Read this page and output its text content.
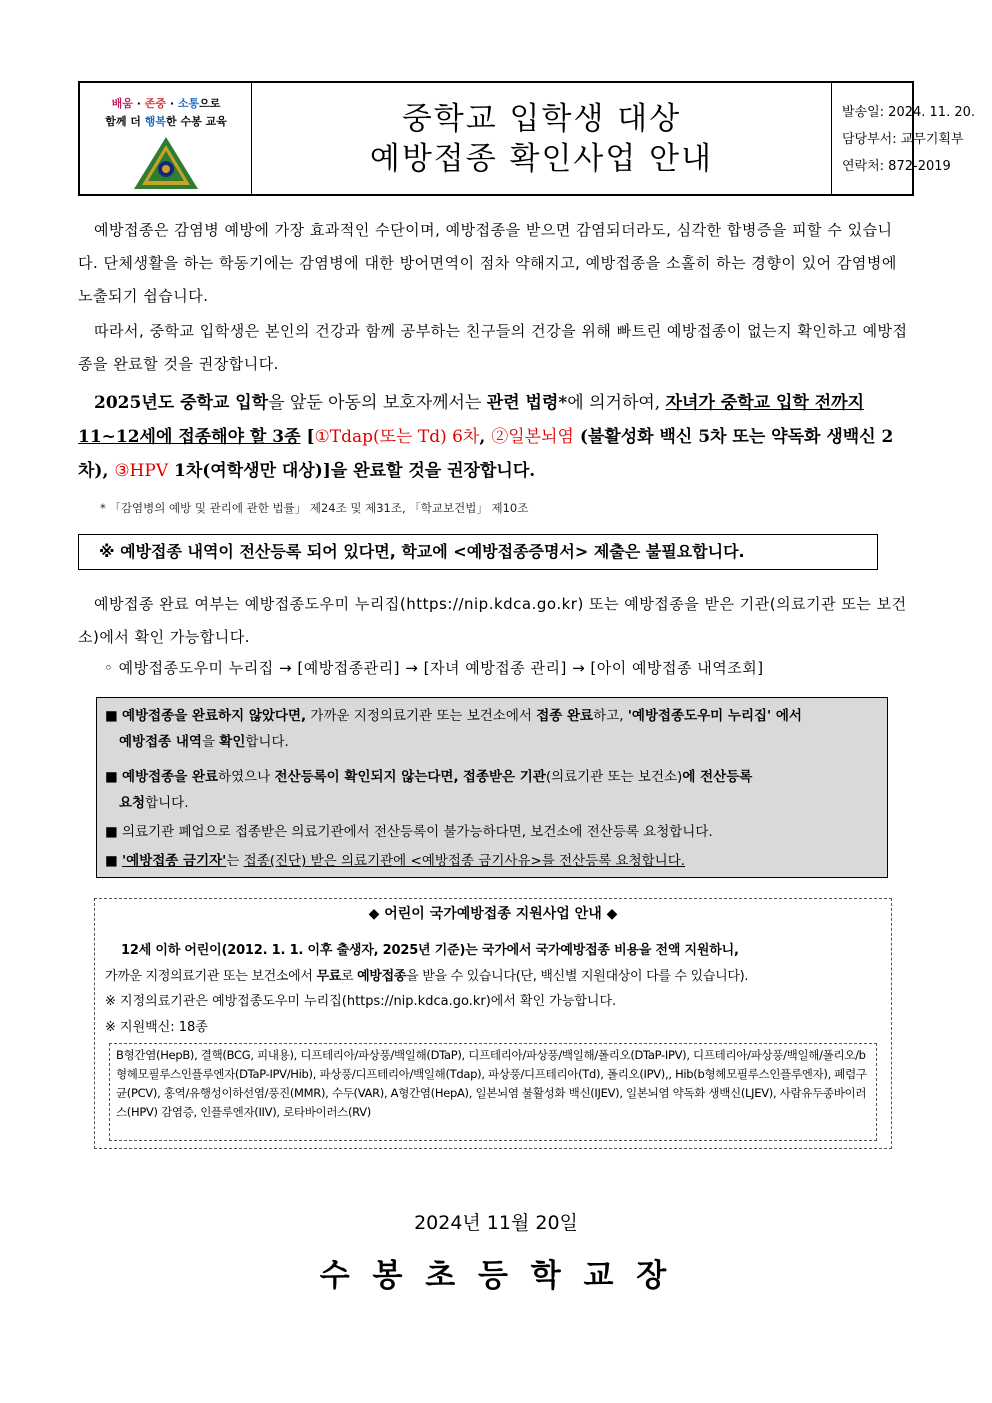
배움 · 존중 · 소통으로
함께 더 행복한 수봉 교육	중학교 입학생 대상
예방접종 확인사업 안내
발송일: 2024. 11. 20.
담당부서: 교무기획부
연락처: 872-2019
예방접종은 감염병 예방에 가장 효과적인 수단이며, 예방접종을 받으면 감염되더라도, 심각한 합병증을 피할 수 있습니다. 단체생활을 하는 학동기에는 감염병에 대한 방어면역이 점차 약해지고, 예방접종을 소홀히 하는 경향이 있어 감염병에 노출되기 쉽습니다.
따라서, 중학교 입학생은 본인의 건강과 함께 공부하는 친구들의 건강을 위해 빠트린 예방접종이 없는지 확인하고 예방접종을 완료할 것을 권장합니다.
2025년도 중학교 입학을 앞둔 아동의 보호자께서는 관련 법령*에 의거하여, 자녀가 중학교 입학 전까지 11~12세에 접종해야 할 3종 [①Tdap(또는 Td) 6차, ②일본뇌염 (불활성화 백신 5차 또는 약독화 생백신 2차), ③HPV 1차(여학생만 대상)]을 완료할 것을 권장합니다.
* 「감염병의 예방 및 관리에 관한 법률」 제24조 및 제31조, 「학교보건법」 제10조
※ 예방접종 내역이 전산등록 되어 있다면, 학교에 <예방접종증명서> 제출은 불필요합니다.
예방접종 완료 여부는 예방접종도우미 누리집(https://nip.kdca.go.kr) 또는 예방접종을 받은 기관(의료기관 또는 보건소)에서 확인 가능합니다.
◦ 예방접종도우미 누리집 → [예방접종관리] → [자녀 예방접종 관리] → [아이 예방접종 내역조회]
■ 예방접종을 완료하지 않았다면, 가까운 지정의료기관 또는 보건소에서 접종 완료하고, '예방접종도우미 누리집' 에서
예방접종 내역을 확인합니다.
■ 예방접종을 완료하였으나 전산등록이 확인되지 않는다면, 접종받은 기관(의료기관 또는 보건소)에 전산등록
요청합니다.
■ 의료기관 폐업으로 접종받은 의료기관에서 전산등록이 불가능하다면, 보건소에 전산등록 요청합니다.
■ '예방접종 금기자'는 접종(진단) 받은 의료기관에 <예방접종 금기사유>를 전산등록 요청합니다.
◆ 어린이 국가예방접종 지원사업 안내 ◆
12세 이하 어린이(2012. 1. 1. 이후 출생자, 2025년 기준)는 국가에서 국가예방접종 비용을 전액 지원하니,
가까운 지정의료기관 또는 보건소에서 무료로 예방접종을 받을 수 있습니다(단, 백신별 지원대상이 다를 수 있습니다).
※ 지정의료기관은 예방접종도우미 누리집(https://nip.kdca.go.kr)에서 확인 가능합니다.
※ 지원백신: 18종
B형간염(HepB), 결핵(BCG, 피내용), 디프테리아/파상풍/백일해(DTaP), 디프테리아/파상풍/백일해/폴리오(DTaP-IPV), 디프테리아/파상풍/백일해/폴리오/b형헤모필루스인플루엔자(DTaP-IPV/Hib), 파상풍/디프테리아/백일해(Tdap), 파상풍/디프테리아(Td), 폴리오(IPV),, Hib(b형헤모필루스인플루엔자), 폐렴구균(PCV), 홍역/유행성이하선염/풍진(MMR), 수두(VAR), A형간염(HepA), 일본뇌염 불활성화 백신(IJEV), 일본뇌염 약독화 생백신(LJEV), 사람유두종바이러스(HPV) 감염증, 인플루엔자(IIV), 로타바이러스(RV)
2024년 11월 20일
수 봉 초 등 학 교 장
